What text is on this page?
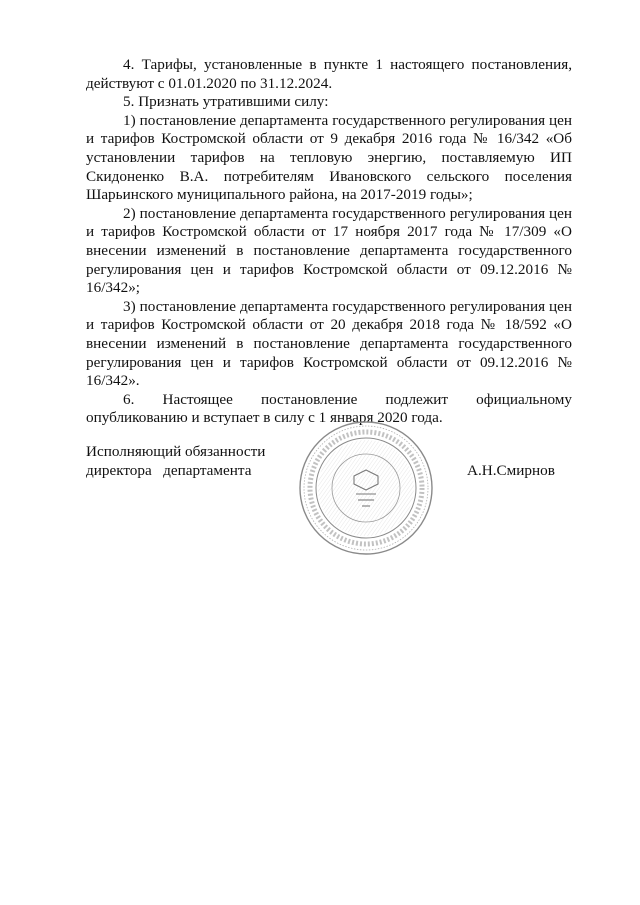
4. Тарифы, установленные в пункте 1 настоящего постановления, действуют с 01.01.2020 по 31.12.2024.

5. Признать утратившими силу:

1) постановление департамента государственного регулирования цен и тарифов Костромской области от 9 декабря 2016 года № 16/342 «Об установлении тарифов на тепловую энергию, поставляемую ИП Скидоненко В.А. потребителям Ивановского сельского поселения Шарьинского муниципального района, на 2017-2019 годы»;

2) постановление департамента государственного регулирования цен и тарифов Костромской области от 17 ноября 2017 года № 17/309 «О внесении изменений в постановление департамента государственного регулирования цен и тарифов Костромской области от 09.12.2016 № 16/342»;

3) постановление департамента государственного регулирования цен и тарифов Костромской области от 20 декабря 2018 года № 18/592 «О внесении изменений в постановление департамента государственного регулирования цен и тарифов Костромской области от 09.12.2016 № 16/342».

6. Настоящее постановление подлежит официальному опубликованию и вступает в силу с 1 января 2020 года.

Исполняющий обязанности
директора   департамента	А.Н.Смирнов
